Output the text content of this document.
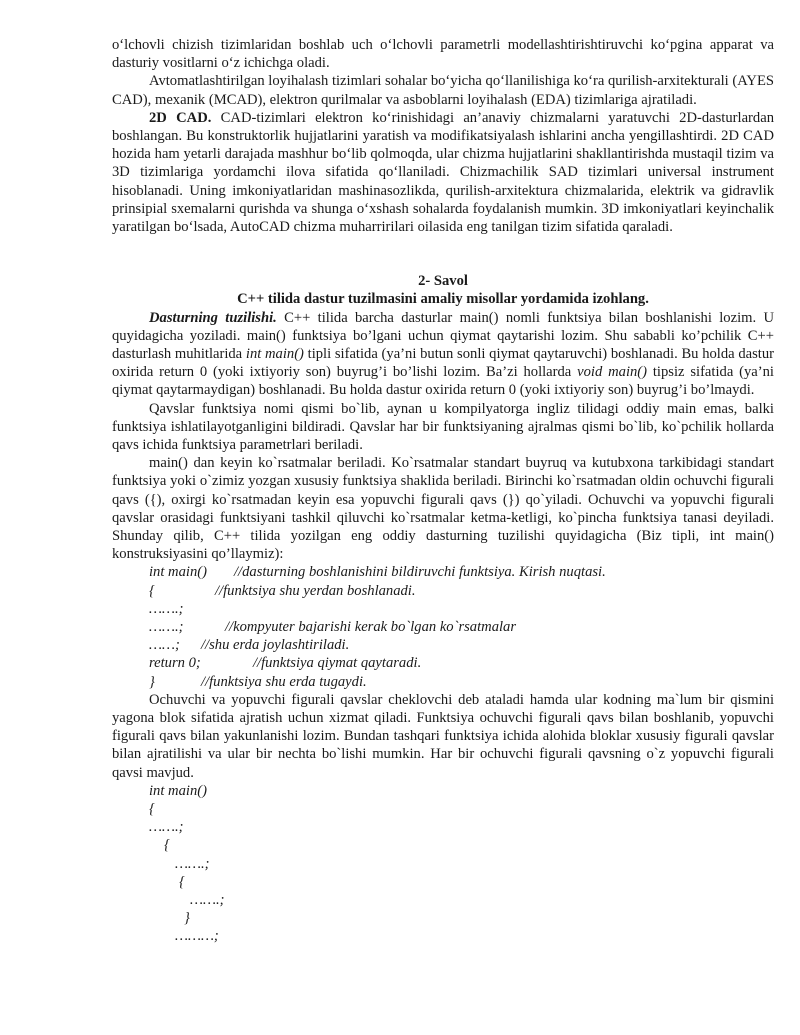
o‘lchovli chizish tizimlaridan boshlab uch o‘lchovli parametrli modellashtirishtiruvchi ko‘pgina apparat va dasturiy vositlarni o‘z ichichga oladi.

Avtomatlashtirilgan loyihalash tizimlari sohalar bo‘yicha qo‘llanilishiga ko‘ra qurilish-arxitekturali (AYES CAD), mexanik (MCAD), elektron qurilmalar va asboblarni loyihalash (EDA) tizimlariga ajratiladi.

2D CAD. CAD-tizimlari elektron ko‘rinishidagi an’anaviy chizmalarni yaratuvchi 2D-dasturlardan boshlangan. Bu konstruktorlik hujjatlarini yaratish va modifikatsiyalash ishlarini ancha yengillashtirdi. 2D CAD hozida ham yetarli darajada mashhur bo‘lib qolmoqda, ular chizma hujjatlarini shakllantirishda mustaqil tizim va 3D tizimlariga yordamchi ilova sifatida qo‘llaniladi. Chizmachilik SAD tizimlari universal instrument hisoblanadi. Uning imkoniyatlaridan mashinasozlikda, qurilish-arxitektura chizmalarida, elektrik va gidravlik prinsipial sxemalarni qurishda va shunga o‘xshash sohalarda foydalanish mumkin. 3D imkoniyatlari keyinchalik yaratilgan bo‘lsada, AutoCAD chizma muharririlari oilasida eng tanilgan tizim sifatida qaraladi.

2- Savol

C++ tilida dastur tuzilmasini amaliy misollar yordamida izohlang.

Dasturning tuzilishi. C++ tilida barcha dasturlar main() nomli funktsiya bilan boshlanishi lozim. U quyidagicha yoziladi. main() funktsiya bo’lgani uchun qiymat qaytarishi lozim. Shu sababli ko’pchilik C++ dasturlash muhitlarida int main() tipli sifatida (ya’ni butun sonli qiymat qaytaruvchi) boshlanadi. Bu holda dastur oxirida return 0 (yoki ixtiyoriy son) buyrug’i bo’lishi lozim. Ba’zi hollarda void main() tipsiz sifatida (ya’ni qiymat qaytarmaydigan) boshlanadi. Bu holda dastur oxirida return 0 (yoki ixtiyoriy son) buyrug’i bo’lmaydi.

Qavslar funktsiya nomi qismi bo`lib, aynan u kompilyatorga ingliz tilidagi oddiy main emas, balki funktsiya ishlatilayotganligini bildiradi. Qavslar har bir funktsiyaning ajralmas qismi bo`lib, ko`pchilik hollarda qavs ichida funktsiya parametrlari beriladi.

main() dan keyin ko`rsatmalar beriladi. Ko`rsatmalar standart buyruq va kutubxona tarkibidagi standart funktsiya yoki o`zimiz yozgan xususiy funktsiya shaklida beriladi. Birinchi ko`rsatmadan oldin ochuvchi figurali qavs ({), oxirgi ko`rsatmadan keyin esa yopuvchi figurali qavs (}) qo`yiladi. Ochuvchi va yopuvchi figurali qavslar orasidagi funktsiyani tashkil qiluvchi ko`rsatmalar ketma-ketligi, ko`pincha funktsiya tanasi deyiladi. Shunday qilib, C++ tilida yozilgan eng oddiy dasturning tuzilishi quyidagicha (Biz tipli, int main() konstruksiyasini qo’llaymiz):

int main() //dasturning boshlanishini bildiruvchi funktsiya. Kirish nuqtasi.
{	//funktsiya shu yerdan boshlanadi.
…….;
…….;	//kompyuter bajarishi kerak bo`lgan ko`rsatmalar
……; //shu erda joylashtiriladi.
return 0;	//funktsiya qiymat qaytaradi.
}	//funktsiya shu erda tugaydi.

Ochuvchi va yopuvchi figurali qavslar cheklovchi deb ataladi hamda ular kodning ma`lum bir qismini yagona blok sifatida ajratish uchun xizmat qiladi. Funktsiya ochuvchi figurali qavs bilan boshlanib, yopuvchi figurali qavs bilan yakunlanishi lozim. Bundan tashqari funktsiya ichida alohida bloklar xususiy figurali qavslar bilan ajratilishi va ular bir nechta bo`lishi mumkin. Har bir ochuvchi figurali qavsning o`z yopuvchi figurali qavsi mavjud.

int main()
{
…….;
{
…….;
{
…….;
}
………;
